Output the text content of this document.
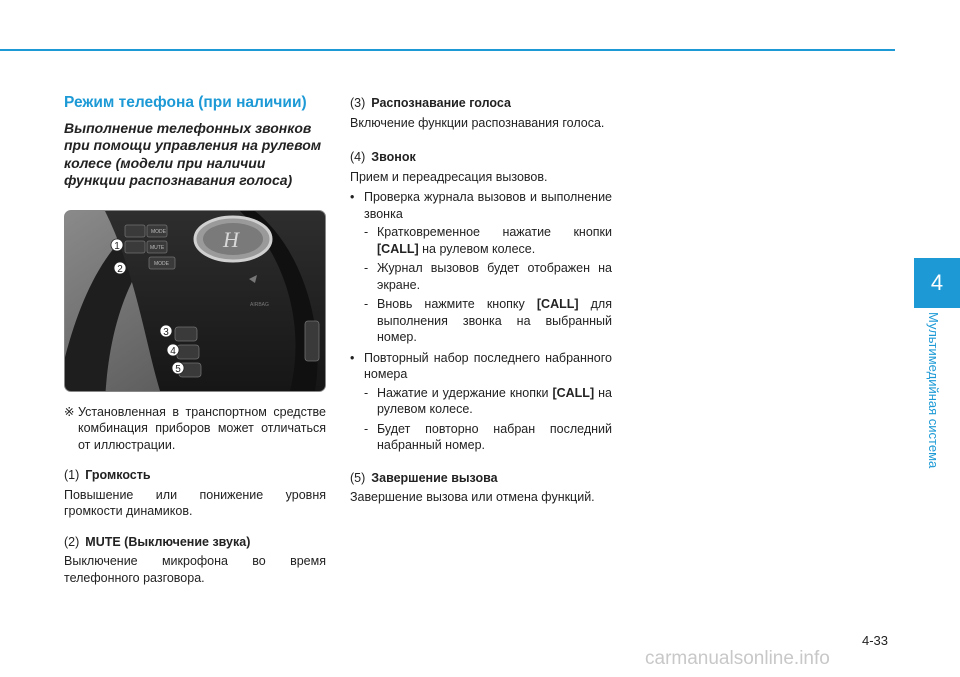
4
Мультимедийная система
Режим телефона (при наличии)
Выполнение телефонных звонков при помощи управления на рулевом колесе (модели при наличии функции распознавания голоса)
H
AIRBAG
MODE
MUTE
MODE
1
2
3
4
5
※ Установленная в транспортном средстве комбинация приборов может отличаться от иллюстрации.
(1) Громкость

Повышение или понижение уровня громкости динамиков.

(2) MUTE (Выключение звука)

Выключение микрофона во время телефонного разговора.

(3) Распознавание голоса

Включение функции распознавания голоса.

(4) Звонок

Прием и переадресация вызовов.

• Проверка журнала вызовов и выполнение звонка
- Кратковременное нажатие кнопки [CALL] на рулевом колесе.
- Журнал вызовов будет отображен на экране.
- Вновь нажмите кнопку [CALL] для выполнения звонка на выбранный номер.
• Повторный набор последнего набранного номера
- Нажатие и удержание кнопки [CALL] на рулевом колесе.
- Будет повторно набран последний набранный номер.
(5) Завершение вызова

Завершение вызова или отмена функций.

4-33
carmanualsonline.info
